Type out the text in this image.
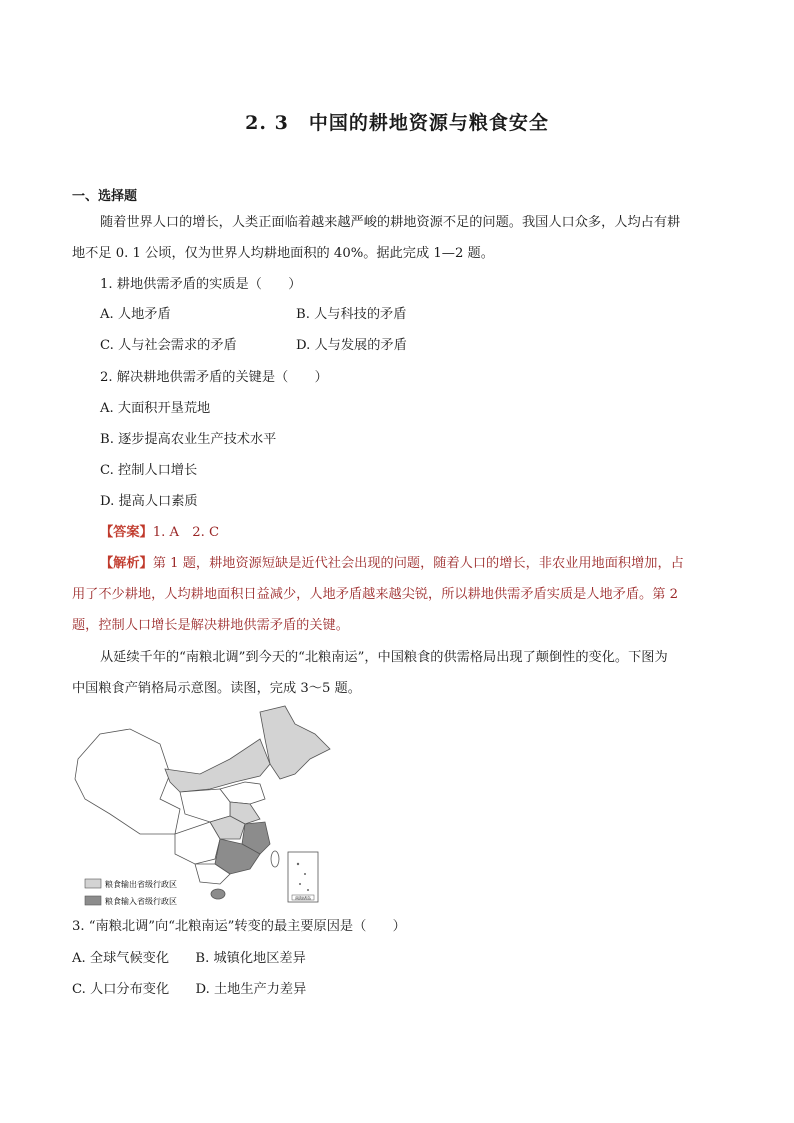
2. 3　中国的耕地资源与粮食安全
一、选择题
随着世界人口的增长，人类正面临着越来越严峻的耕地资源不足的问题。我国人口众多，人均占有耕
地不足 0. 1 公顷，仅为世界人均耕地面积的 40%。据此完成 1—2 题。
1. 耕地供需矛盾的实质是（　　）
A. 人地矛盾	B. 人与科技的矛盾
C. 人与社会需求的矛盾	D. 人与发展的矛盾
2. 解决耕地供需矛盾的关键是（　　）
A. 大面积开垦荒地
B. 逐步提高农业生产技术水平
C. 控制人口增长
D. 提高人口素质
【答案】1. A　2. C
【解析】第 1 题，耕地资源短缺是近代社会出现的问题，随着人口的增长，非农业用地面积增加，占
用了不少耕地，人均耕地面积日益减少，人地矛盾越来越尖锐，所以耕地供需矛盾实质是人地矛盾。第 2
题，控制人口增长是解决耕地供需矛盾的关键。
从延续千年的“南粮北调”到今天的“北粮南运”，中国粮食的供需格局出现了颠倒性的变化。下图为
中国粮食产销格局示意图。读图，完成 3～5 题。
南海诸岛
粮食输出省级行政区
粮食输入省级行政区
3. “南粮北调”向“北粮南运”转变的最主要原因是（　　）
A. 全球气候变化　　B. 城镇化地区差异
C. 人口分布变化　　D. 土地生产力差异
